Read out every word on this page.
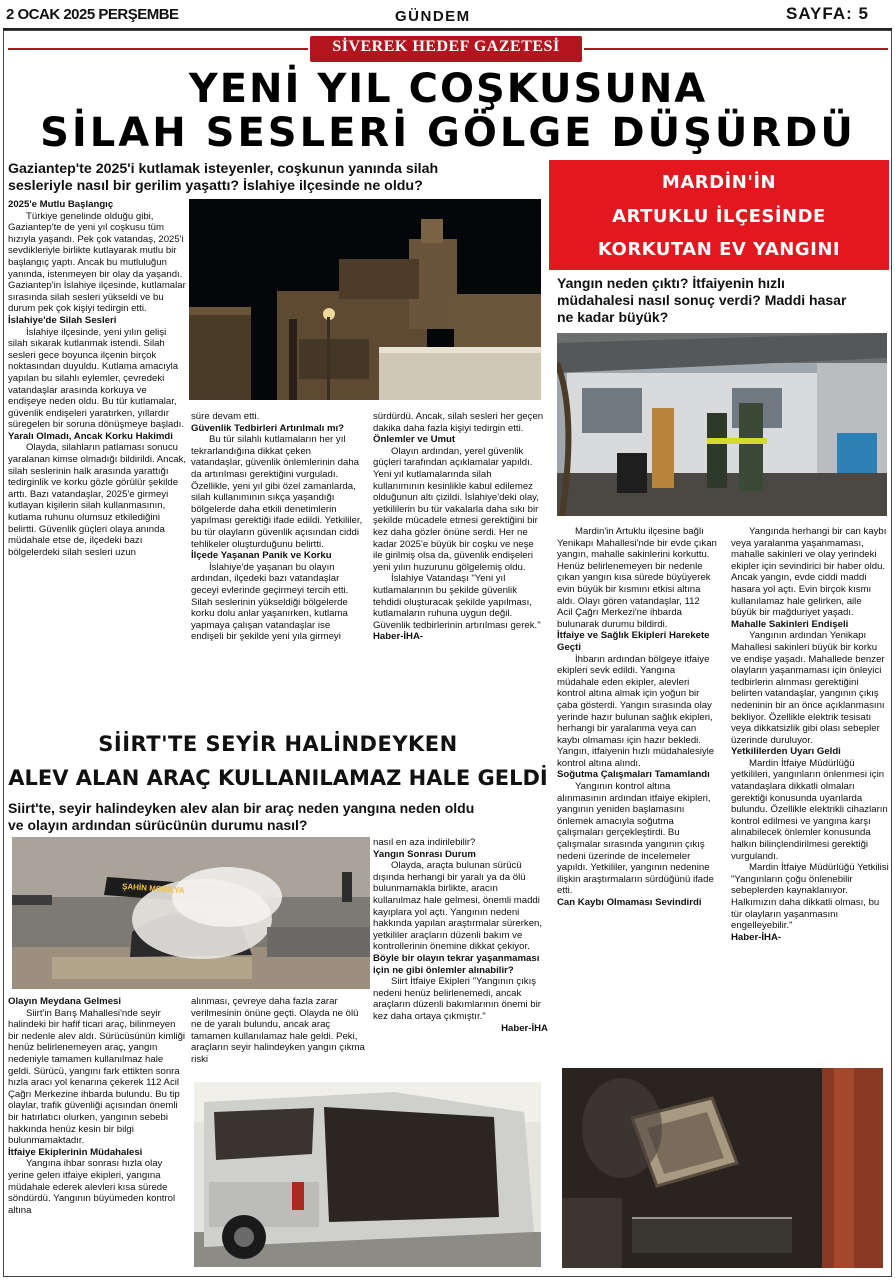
2 OCAK 2025 PERŞEMBE	GÜNDEM	SAYFA: 5
SİVEREK HEDEF GAZETESİ
YENİ YIL COŞKUSUNA
SİLAH SESLERİ GÖLGE DÜŞÜRDÜ
Gaziantep'te 2025'i kutlamak isteyenler, coşkunun yanında silah
sesleriyle nasıl bir gerilim yaşattı? İslahiye ilçesinde ne oldu?

2025'e Mutlu Başlangıç

Türkiye genelinde olduğu gibi, Gaziantep'te de yeni yıl coşkusu tüm hızıyla yaşandı. Pek çok vatandaş, 2025'i sevdikleriyle birlikte kutlayarak mutlu bir başlangıç yaptı. Ancak bu mutluluğun yanında, istenmeyen bir olay da yaşandı. Gaziantep'in İslahiye ilçesinde, kutlamalar sırasında silah sesleri yükseldi ve bu durum pek çok kişiyi tedirgin etti.

İslahiye'de Silah Sesleri

İslahiye ilçesinde, yeni yılın gelişi silah sıkarak kutlanmak istendi. Silah sesleri gece boyunca ilçenin birçok noktasından duyuldu. Kutlama amacıyla yapılan bu silahlı eylemler, çevredeki vatandaşlar arasında korkuya ve endişeye neden oldu. Bu tür kutlamalar, güvenlik endişeleri yaratırken, yıllardır süregelen bir soruna dönüşmeye başladı.

Yaralı Olmadı, Ancak Korku Hakimdi

Olayda, silahların patlaması sonucu yaralanan kimse olmadığı bildirildi. Ancak, silah seslerinin halk arasında yarattığı tedirginlik ve korku gözle görülür şekilde arttı. Bazı vatandaşlar, 2025'e girmeyi kutlayan kişilerin silah kullanmasının, kutlama ruhunu olumsuz etkilediğini belirtti. Güvenlik güçleri olaya anında müdahale etse de, ilçedeki bazı bölgelerdeki silah sesleri uzun

süre devam etti.

Güvenlik Tedbirleri Artırılmalı mı?

Bu tür silahlı kutlamaların her yıl tekrarlandığına dikkat çeken vatandaşlar, güvenlik önlemlerinin daha da artırılması gerektiğini vurguladı. Özellikle, yeni yıl gibi özel zamanlarda, silah kullanımının sıkça yaşandığı bölgelerde daha etkili denetimlerin yapılması gerektiği ifade edildi. Yetkililer, bu tür olayların güvenlik açısından ciddi tehlikeler oluşturduğunu belirtti.

İlçede Yaşanan Panik ve Korku

İslahiye'de yaşanan bu olayın ardından, ilçedeki bazı vatandaşlar geceyi evlerinde geçirmeyi tercih etti. Silah seslerinin yükseldiği bölgelerde korku dolu anlar yaşanırken, kutlama yapmaya çalışan vatandaşlar ise endişeli bir şekilde yeni yıla girmeyi

sürdürdü. Ancak, silah sesleri her geçen dakika daha fazla kişiyi tedirgin etti.

Önlemler ve Umut

Olayın ardından, yerel güvenlik güçleri tarafından açıklamalar yapıldı. Yeni yıl kutlamalarında silah kullanımının kesinlikle kabul edilemez olduğunun altı çizildi. İslahiye'deki olay, yetkililerin bu tür vakalarla daha sıkı bir şekilde mücadele etmesi gerektiğini bir kez daha gözler önüne serdi. Her ne kadar 2025'e büyük bir coşku ve neşe ile girilmiş olsa da, güvenlik endişeleri yeni yılın huzurunu gölgelemiş oldu.

İslahiye Vatandaşı "Yeni yıl kutlamalarının bu şekilde güvenlik tehdidi oluşturacak şekilde yapılması, kutlamaların ruhuna uygun değil. Güvenlik tedbirlerinin artırılması gerek."

Haber-İHA-

SİİRT'TE SEYİR HALİNDEYKEN
ALEV ALAN ARAÇ KULLANILAMAZ HALE GELDİ
Siirt'te, seyir halindeyken alev alan bir araç neden yangına neden oldu
ve olayın ardından sürücünün durumu nasıl?
ŞAHİN MOBİLYA

Olayın Meydana Gelmesi

Siirt'in Barış Mahallesi'nde seyir halindeki bir hafif ticari araç, bilinmeyen bir nedenle alev aldı. Sürücüsünün kimliği henüz belirlenemeyen araç, yangın nedeniyle tamamen kullanılmaz hale geldi. Sürücü, yangını fark ettikten sonra hızla aracı yol kenarına çekerek 112 Acil Çağrı Merkezine ihbarda bulundu. Bu tip olaylar, trafik güvenliği açısından önemli bir hatırlatıcı olurken, yangının sebebi hakkında henüz kesin bir bilgi bulunmamaktadır.

İtfaiye Ekiplerinin Müdahalesi

Yangına ihbar sonrası hızla olay yerine gelen itfaiye ekipleri, yangına müdahale ederek alevleri kısa sürede söndürdü. Yangının büyümeden kontrol altına

alınması, çevreye daha fazla zarar verilmesinin önüne geçti. Olayda ne ölü ne de yaralı bulundu, ancak araç tamamen kullanılamaz hale geldi. Peki, araçların seyir halindeyken yangın çıkma riski

nasıl en aza indirilebilir?

Yangın Sonrası Durum

Olayda, araçta bulunan sürücü dışında herhangi bir yaralı ya da ölü bulunmamakla birlikte, aracın kullanılmaz hale gelmesi, önemli maddi kayıplara yol açtı. Yangının nedeni hakkında yapılan araştırmalar sürerken, yetkililer araçların düzenli bakım ve kontrollerinin önemine dikkat çekiyor.

Böyle bir olayın tekrar yaşanmaması için ne gibi önlemler alınabilir?

Siirt İtfaiye Ekipleri "Yangının çıkış nedeni henüz belirlenemedi, ancak araçların düzenli bakımlarının önemi bir kez daha ortaya çıkmıştır."

Haber-İHA

MARDİN'İN
ARTUKLU İLÇESİNDE
KORKUTAN EV YANGINI
Yangın neden çıktı? İtfaiyenin hızlı
müdahalesi nasıl sonuç verdi? Maddi hasar
ne kadar büyük?

Mardin'in Artuklu ilçesine bağlı Yenikapı Mahallesi'nde bir evde çıkan yangın, mahalle sakinlerini korkuttu. Henüz belirlenemeyen bir nedenle çıkan yangın kısa sürede büyüyerek evin büyük bir kısmını etkisi altına aldı. Olayı gören vatandaşlar, 112 Acil Çağrı Merkezi'ne ihbarda bulunarak durumu bildirdi.

İtfaiye ve Sağlık Ekipleri Harekete Geçti

İhbarın ardından bölgeye itfaiye ekipleri sevk edildi. Yangına müdahale eden ekipler, alevleri kontrol altına almak için yoğun bir çaba gösterdi. Yangın sırasında olay yerinde hazır bulunan sağlık ekipleri, herhangi bir yaralanma veya can kaybı olmaması için hazır bekledi. Yangın, itfaiyenin hızlı müdahalesiyle kontrol altına alındı.

Soğutma Çalışmaları Tamamlandı

Yangının kontrol altına alınmasının ardından itfaiye ekipleri, yangının yeniden başlamasını önlemek amacıyla soğutma çalışmaları gerçekleştirdi. Bu çalışmalar sırasında yangının çıkış nedeni üzerinde de incelemeler yapıldı. Yetkililer, yangının nedenine ilişkin araştırmaların sürdüğünü ifade etti.

Can Kaybı Olmaması Sevindirdi

Yangında herhangi bir can kaybı veya yaralanma yaşanmaması, mahalle sakinleri ve olay yerindeki ekipler için sevindirici bir haber oldu. Ancak yangın, evde ciddi maddi hasara yol açtı. Evin birçok kısmı kullanılamaz hale gelirken, aile büyük bir mağduriyet yaşadı.

Mahalle Sakinleri Endişeli

Yangının ardından Yenikapı Mahallesi sakinleri büyük bir korku ve endişe yaşadı. Mahallede benzer olayların yaşanmaması için önleyici tedbirlerin alınması gerektiğini belirten vatandaşlar, yangının çıkış nedeninin bir an önce açıklanmasını bekliyor. Özellikle elektrik tesisatı veya dikkatsizlik gibi olası sebepler üzerinde duruluyor.

Yetkililerden Uyarı Geldi

Mardin İtfaiye Müdürlüğü yetkilileri, yangınların önlenmesi için vatandaşlara dikkatli olmaları gerektiği konusunda uyarılarda bulundu. Özellikle elektrikli cihazların kontrol edilmesi ve yangına karşı alınabilecek önlemler konusunda halkın bilinçlendirilmesi gerektiği vurgulandı.

Mardin İtfaiye Müdürlüğü Yetkilisi "Yangınların çoğu önlenebilir sebeplerden kaynaklanıyor. Halkımızın daha dikkatli olması, bu tür olayların yaşanmasını engelleyebilir."

Haber-İHA-
